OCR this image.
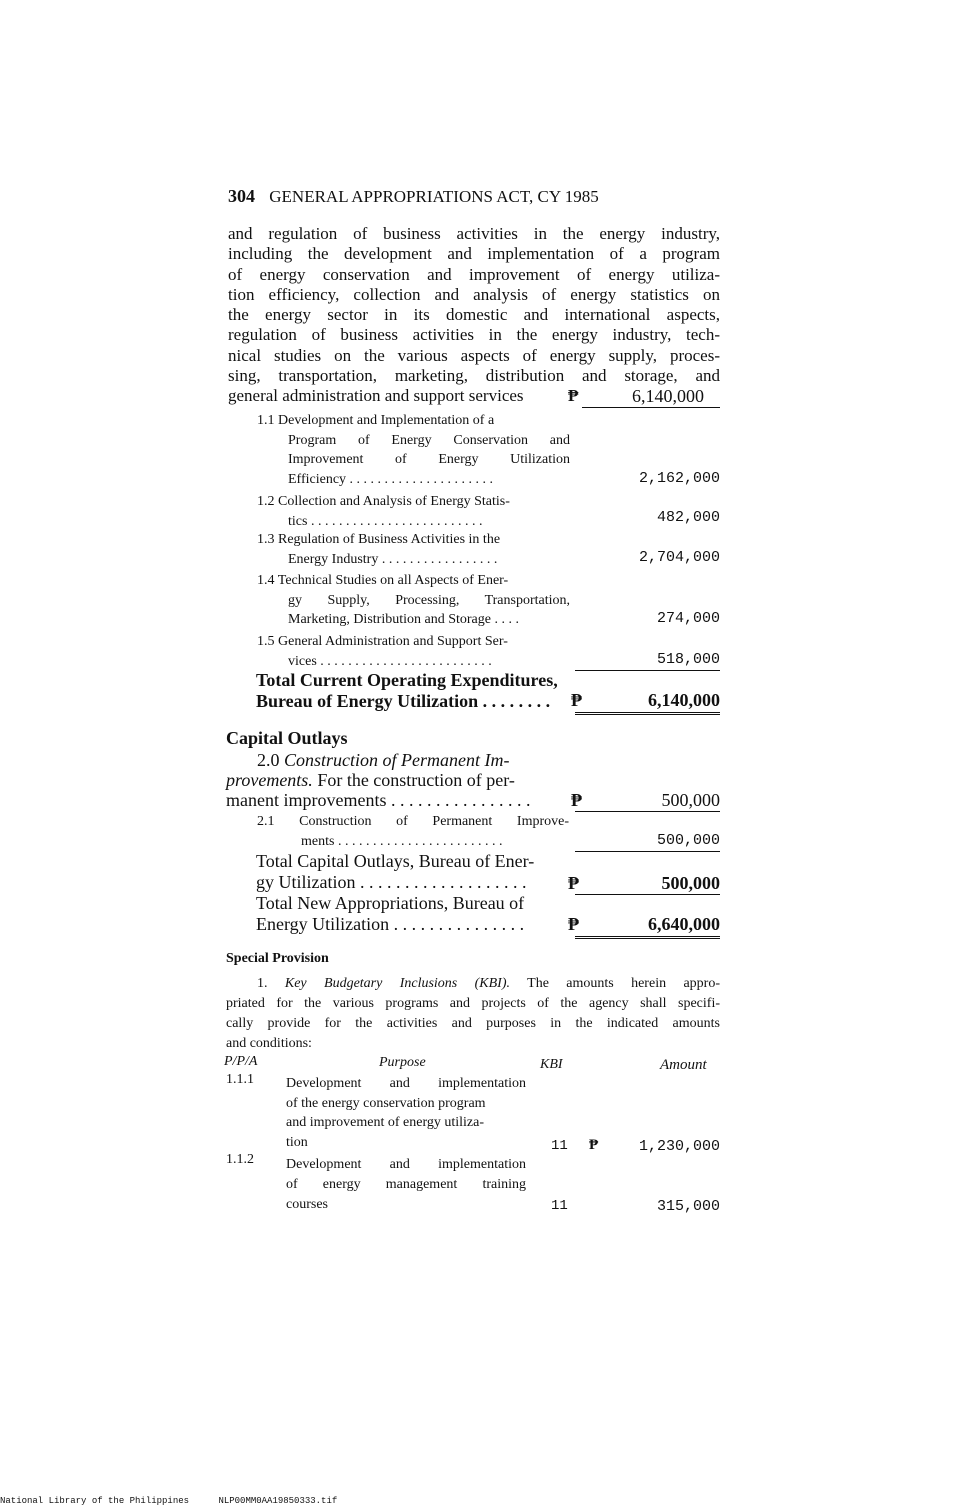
304 GENERAL APPROPRIATIONS ACT, CY 1985
and regulation of business activities in the energy industry,
including the development and implementation of a program
of energy conservation and improvement of energy utiliza-
tion efficiency, collection and analysis of energy statistics on
the energy sector in its domestic and international aspects,
regulation of business activities in the energy industry, tech-
nical studies on the various aspects of energy supply, proces-
sing, transportation, marketing, distribution and storage, and
general administration and support services	₱	6,140,000
1.1 Development and Implementation of a
Program of Energy Conservation and
Improvement of Energy Utilization
Efficiency . . . . . . . . . . . . . . . . . . . . .	2,162,000
1.2 Collection and Analysis of Energy Statis-
tics . . . . . . . . . . . . . . . . . . . . . . . . .	482,000
1.3 Regulation of Business Activities in the
Energy Industry . . . . . . . . . . . . . . . . .	2,704,000
1.4 Technical Studies on all Aspects of Ener-
gy Supply, Processing, Transportation,
Marketing, Distribution and Storage . . . .	274,000
1.5 General Administration and Support Ser-
vices . . . . . . . . . . . . . . . . . . . . . . . . .	518,000
Total Current Operating Expenditures,
Bureau of Energy Utilization . . . . . . . .	₱	6,140,000
Capital Outlays
2.0 Construction of Permanent Im-
provements. For the construction of per-
manent improvements . . . . . . . . . . . . . . . . ₱	500,000
2.1 Construction of Permanent Improve-
ments . . . . . . . . . . . . . . . . . . . . . . . .	500,000
Total Capital Outlays, Bureau of Ener-
gy Utilization . . . . . . . . . . . . . . . . . . .	₱	500,000
Total New Appropriations, Bureau of
Energy Utilization . . . . . . . . . . . . . . . ₱	6,640,000
Special Provision
1. Key Budgetary Inclusions (KBI). The amounts herein appro-
priated for the various programs and projects of the agency shall specifi-
cally provide for the activities and purposes in the indicated amounts
and conditions:
P/P/A	Purpose	KBI	Amount
1.1.1 Development and implementation
of the energy conservation program
and improvement of energy utiliza-
tion	11 ₱	1,230,000
1.1.2 Development and implementation
of energy management training
courses	11	315,000
National Library of the Philippines	NLP00MM0AA19850333.tif
